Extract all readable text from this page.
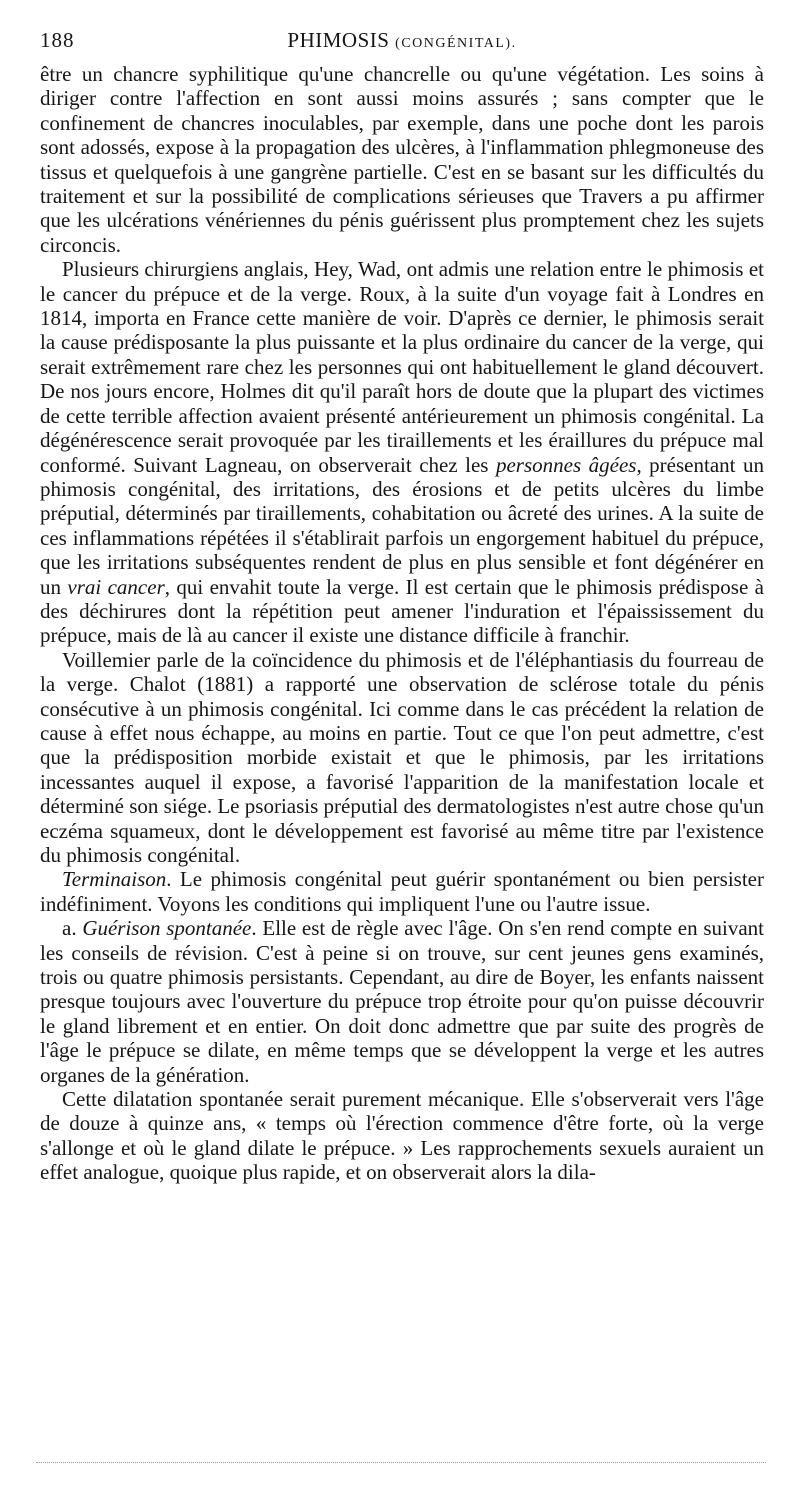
188	PHIMOSIS (CONGÉNITAL).

être un chancre syphilitique qu'une chancrelle ou qu'une végétation. Les soins à diriger contre l'affection en sont aussi moins assurés ; sans compter que le confinement de chancres inoculables, par exemple, dans une poche dont les parois sont adossés, expose à la propagation des ulcères, à l'inflammation phlegmoneuse des tissus et quelquefois à une gangrène partielle. C'est en se basant sur les difficultés du traitement et sur la possibilité de complications sérieuses que Travers a pu affirmer que les ulcérations vénériennes du pénis guérissent plus promptement chez les sujets circoncis.

Plusieurs chirurgiens anglais, Hey, Wad, ont admis une relation entre le phimosis et le cancer du prépuce et de la verge. Roux, à la suite d'un voyage fait à Londres en 1814, importa en France cette manière de voir. D'après ce dernier, le phimosis serait la cause prédisposante la plus puissante et la plus ordinaire du cancer de la verge, qui serait extrêmement rare chez les personnes qui ont habituellement le gland découvert. De nos jours encore, Holmes dit qu'il paraît hors de doute que la plupart des victimes de cette terrible affection avaient présenté antérieurement un phimosis congénital. La dégénérescence serait provoquée par les tiraillements et les éraillures du prépuce mal conformé. Suivant Lagneau, on observerait chez les personnes âgées, présentant un phimosis congénital, des irritations, des érosions et de petits ulcères du limbe préputial, déterminés par tiraillements, cohabitation ou âcreté des urines. A la suite de ces inflammations répétées il s'établirait parfois un engorgement habituel du prépuce, que les irritations subséquentes rendent de plus en plus sensible et font dégénérer en un vrai cancer, qui envahit toute la verge. Il est certain que le phimosis prédispose à des déchirures dont la répétition peut amener l'induration et l'épaississement du prépuce, mais de là au cancer il existe une distance difficile à franchir.

Voillemier parle de la coïncidence du phimosis et de l'éléphantiasis du fourreau de la verge. Chalot (1881) a rapporté une observation de sclérose totale du pénis consécutive à un phimosis congénital. Ici comme dans le cas précédent la relation de cause à effet nous échappe, au moins en partie. Tout ce que l'on peut admettre, c'est que la prédisposition morbide existait et que le phimosis, par les irritations incessantes auquel il expose, a favorisé l'apparition de la manifestation locale et déterminé son siége. Le psoriasis préputial des dermatologistes n'est autre chose qu'un eczéma squameux, dont le développement est favorisé au même titre par l'existence du phimosis congénital.

Terminaison. Le phimosis congénital peut guérir spontanément ou bien persister indéfiniment. Voyons les conditions qui impliquent l'une ou l'autre issue.

a. Guérison spontanée. Elle est de règle avec l'âge. On s'en rend compte en suivant les conseils de révision. C'est à peine si on trouve, sur cent jeunes gens examinés, trois ou quatre phimosis persistants. Cependant, au dire de Boyer, les enfants naissent presque toujours avec l'ouverture du prépuce trop étroite pour qu'on puisse découvrir le gland librement et en entier. On doit donc admettre que par suite des progrès de l'âge le prépuce se dilate, en même temps que se développent la verge et les autres organes de la génération.

Cette dilatation spontanée serait purement mécanique. Elle s'observerait vers l'âge de douze à quinze ans, « temps où l'érection commence d'être forte, où la verge s'allonge et où le gland dilate le prépuce. » Les rapprochements sexuels auraient un effet analogue, quoique plus rapide, et on observerait alors la dila-
